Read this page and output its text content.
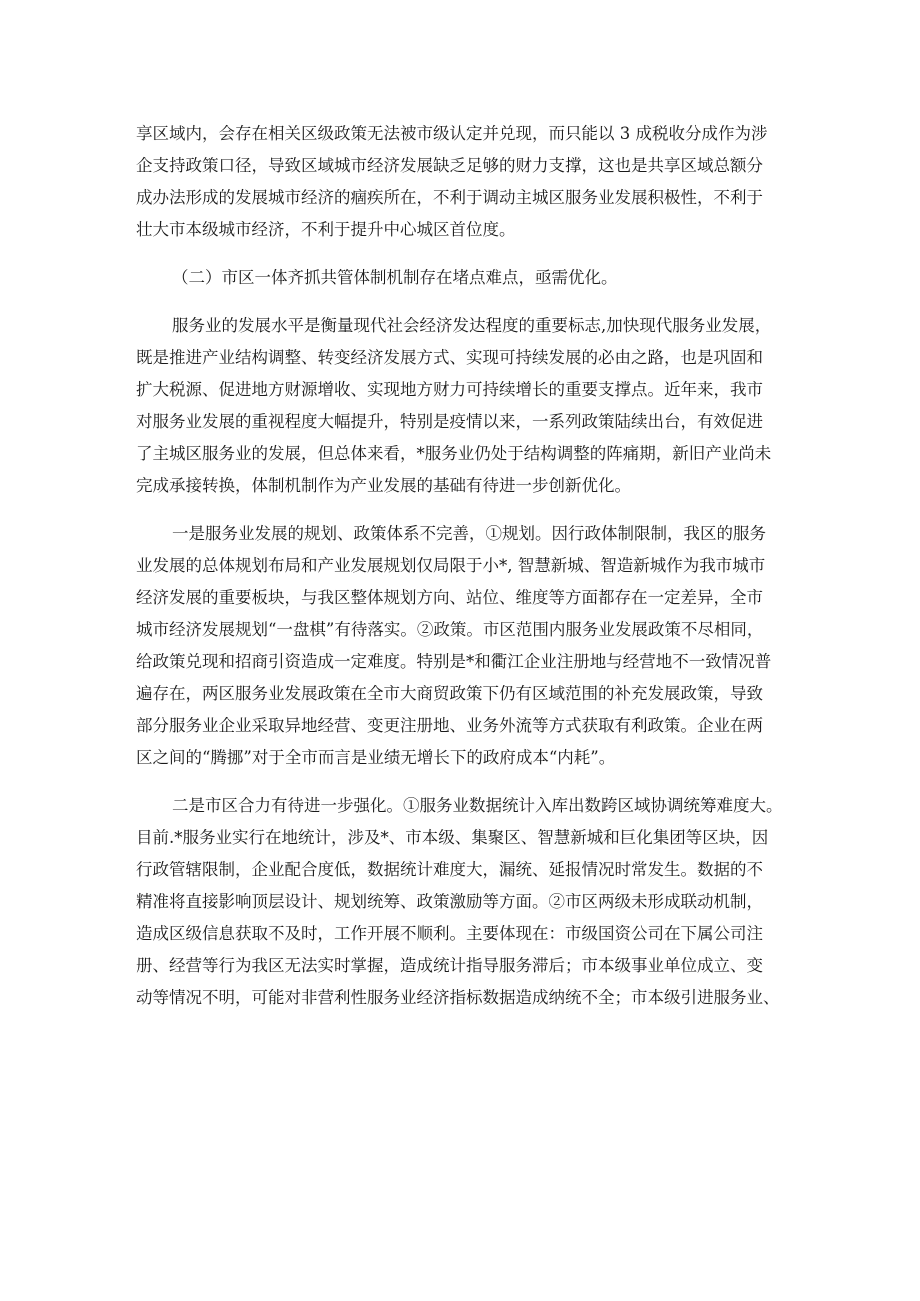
享区域内，会存在相关区级政策无法被市级认定并兑现，而只能以 3 成税收分成作为涉
企支持政策口径，导致区域城市经济发展缺乏足够的财力支撑，这也是共享区域总额分
成办法形成的发展城市经济的痼疾所在，不利于调动主城区服务业发展积极性，不利于
壮大市本级城市经济，不利于提升中心城区首位度。
（二）市区一体齐抓共管体制机制存在堵点难点，亟需优化。
服务业的发展水平是衡量现代社会经济发达程度的重要标志,加快现代服务业发展，
既是推进产业结构调整、转变经济发展方式、实现可持续发展的必由之路，也是巩固和
扩大税源、促进地方财源增收、实现地方财力可持续增长的重要支撑点。近年来，我市
对服务业发展的重视程度大幅提升，特别是疫情以来，一系列政策陆续出台，有效促进
了主城区服务业的发展，但总体来看，*服务业仍处于结构调整的阵痛期，新旧产业尚未
完成承接转换，体制机制作为产业发展的基础有待进一步创新优化。
一是服务业发展的规划、政策体系不完善，①规划。因行政体制限制，我区的服务
业发展的总体规划布局和产业发展规划仅局限于小*, 智慧新城、智造新城作为我市城市
经济发展的重要板块，与我区整体规划方向、站位、维度等方面都存在一定差异，全市
城市经济发展规划“一盘棋”有待落实。②政策。市区范围内服务业发展政策不尽相同，
给政策兑现和招商引资造成一定难度。特别是*和衢江企业注册地与经营地不一致情况普
遍存在，两区服务业发展政策在全市大商贸政策下仍有区域范围的补充发展政策，导致
部分服务业企业采取异地经营、变更注册地、业务外流等方式获取有利政策。企业在两
区之间的“腾挪”对于全市而言是业绩无增长下的政府成本“内耗”。
二是市区合力有待进一步强化。①服务业数据统计入库出数跨区域协调统筹难度大。
目前.*服务业实行在地统计，涉及*、市本级、集聚区、智慧新城和巨化集团等区块，因
行政管辖限制，企业配合度低，数据统计难度大，漏统、延报情况时常发生。数据的不
精准将直接影响顶层设计、规划统筹、政策激励等方面。②市区两级未形成联动机制，
造成区级信息获取不及时，工作开展不顺利。主要体现在：市级国资公司在下属公司注
册、经营等行为我区无法实时掌握，造成统计指导服务滞后；市本级事业单位成立、变
动等情况不明，可能对非营利性服务业经济指标数据造成纳统不全；市本级引进服务业、
